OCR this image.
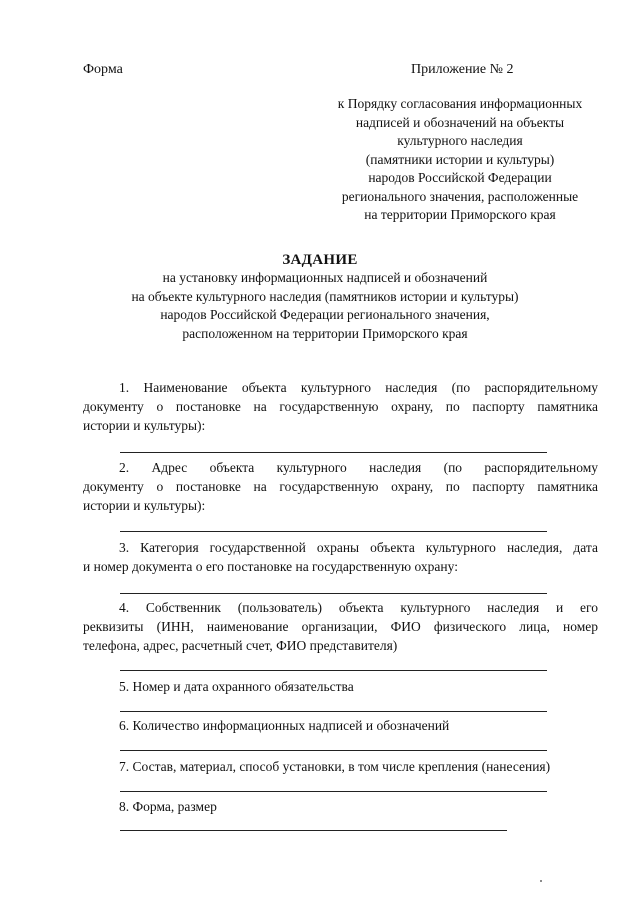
Форма	Приложение № 2
к Порядку согласования информационных
надписей и обозначений на объекты
культурного наследия
(памятники истории и культуры)
народов Российской Федерации
регионального значения, расположенные
на территории Приморского края
ЗАДАНИЕ
на установку информационных надписей и обозначений
на объекте культурного наследия (памятников истории и культуры)
народов Российской Федерации регионального значения,
расположенном на территории Приморского края
1. Наименование объекта культурного наследия (по распорядительному
документу о постановке на государственную охрану, по паспорту памятника
истории и культуры):
2. Адрес объекта культурного наследия (по распорядительному
документу о постановке на государственную охрану, по паспорту памятника
истории и культуры):
3. Категория государственной охраны объекта культурного наследия, дата
и номер документа о его постановке на государственную охрану:
4. Собственник (пользователь) объекта культурного наследия и его
реквизиты (ИНН, наименование организации, ФИО физического лица, номер
телефона, адрес, расчетный счет, ФИО представителя)
5. Номер и дата охранного обязательства
6. Количество информационных надписей и обозначений
7. Состав, материал, способ установки, в том числе крепления (нанесения)
8. Форма, размер
